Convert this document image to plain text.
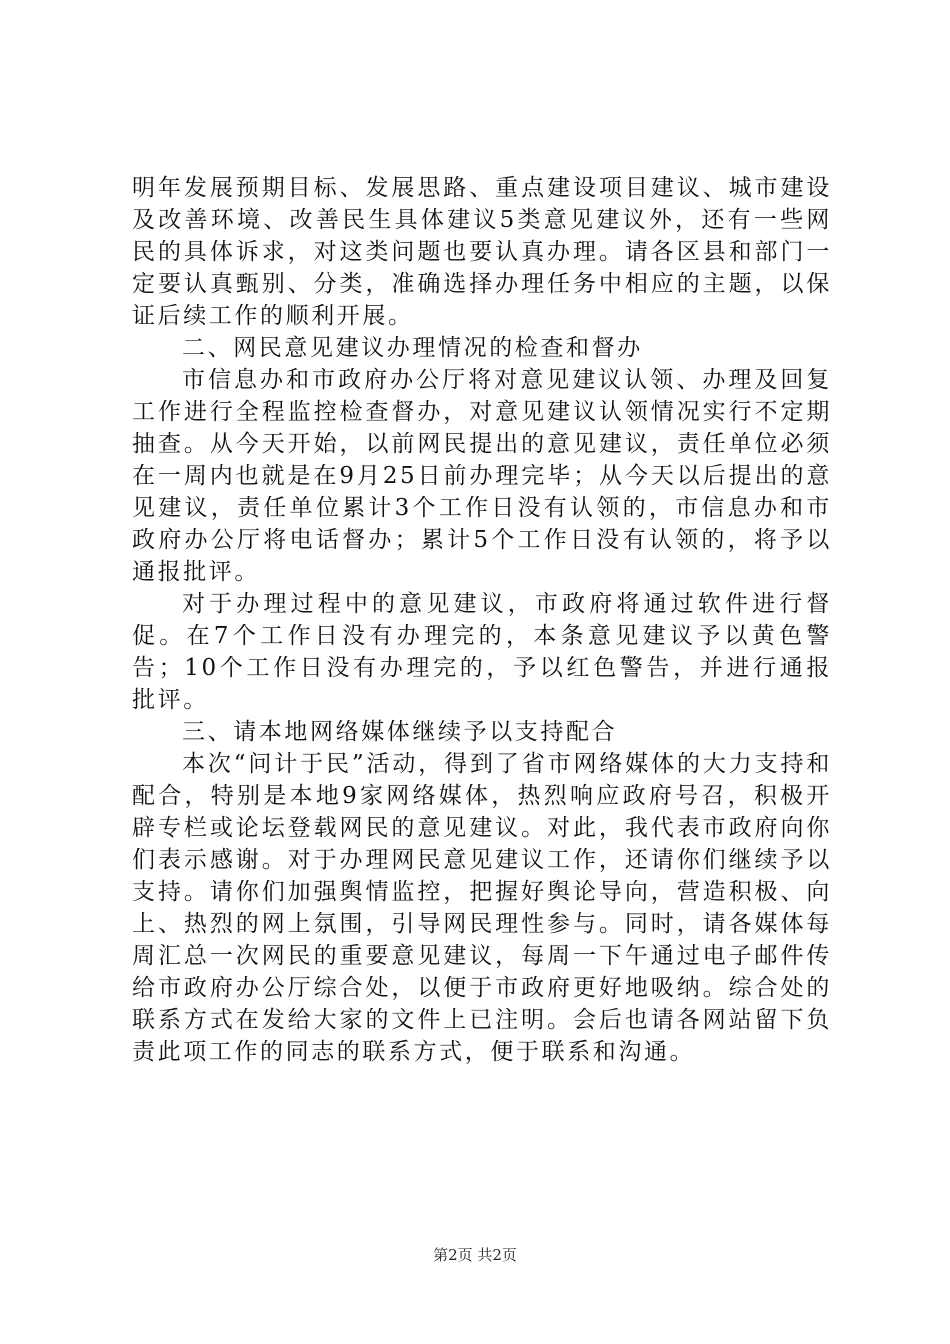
明年发展预期目标、发展思路、重点建设项目建议、城市建设及改善环境、改善民生具体建议5类意见建议外，还有一些网民的具体诉求，对这类问题也要认真办理。请各区县和部门一定要认真甄别、分类，准确选择办理任务中相应的主题，以保证后续工作的顺利开展。

二、网民意见建议办理情况的检查和督办

市信息办和市政府办公厅将对意见建议认领、办理及回复工作进行全程监控检查督办，对意见建议认领情况实行不定期抽查。从今天开始，以前网民提出的意见建议，责任单位必须在一周内也就是在9月25日前办理完毕；从今天以后提出的意见建议，责任单位累计3个工作日没有认领的，市信息办和市政府办公厅将电话督办；累计5个工作日没有认领的，将予以通报批评。

对于办理过程中的意见建议，市政府将通过软件进行督促。在7个工作日没有办理完的，本条意见建议予以黄色警告；10个工作日没有办理完的，予以红色警告，并进行通报批评。

三、请本地网络媒体继续予以支持配合

本次“问计于民”活动，得到了省市网络媒体的大力支持和配合，特别是本地9家网络媒体，热烈响应政府号召，积极开辟专栏或论坛登载网民的意见建议。对此，我代表市政府向你们表示感谢。对于办理网民意见建议工作，还请你们继续予以支持。请你们加强舆情监控，把握好舆论导向，营造积极、向上、热烈的网上氛围，引导网民理性参与。同时，请各媒体每周汇总一次网民的重要意见建议，每周一下午通过电子邮件传给市政府办公厅综合处，以便于市政府更好地吸纳。综合处的联系方式在发给大家的文件上已注明。会后也请各网站留下负责此项工作的同志的联系方式，便于联系和沟通。

第2页 共2页
